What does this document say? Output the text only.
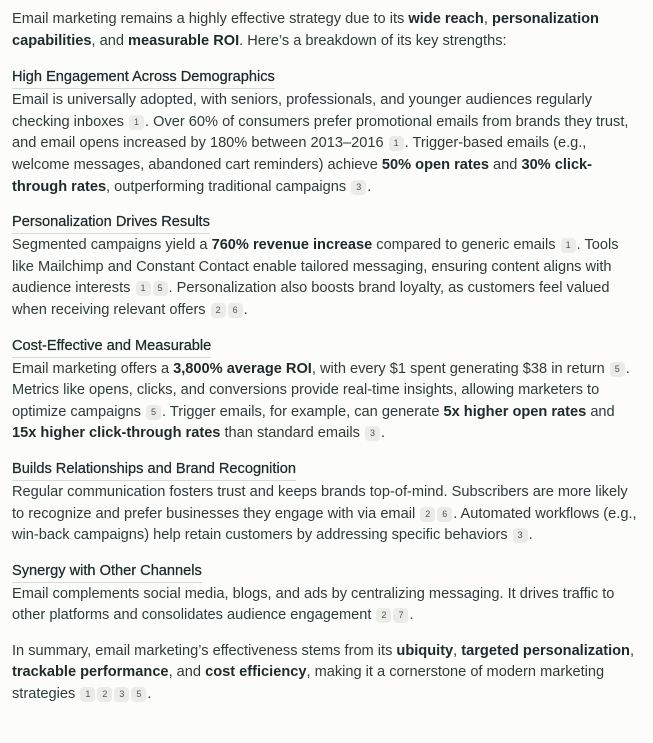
Email marketing remains a highly effective strategy due to its wide reach, personalization capabilities, and measurable ROI. Here’s a breakdown of its key strengths:

High Engagement Across Demographics

Email is universally adopted, with seniors, professionals, and younger audiences regularly checking inboxes 1 . Over 60% of consumers prefer promotional emails from brands they trust, and email opens increased by 180% between 2013–2016 1 . Trigger-based emails (e.g., welcome messages, abandoned cart reminders) achieve 50% open rates and 30% click-through rates, outperforming traditional campaigns 3 .

Personalization Drives Results

Segmented campaigns yield a 760% revenue increase compared to generic emails 1 . Tools like Mailchimp and Constant Contact enable tailored messaging, ensuring content aligns with audience interests 1 5 . Personalization also boosts brand loyalty, as customers feel valued when receiving relevant offers 2 6 .

Cost-Effective and Measurable

Email marketing offers a 3,800% average ROI, with every $1 spent generating $38 in return 5 . Metrics like opens, clicks, and conversions provide real-time insights, allowing marketers to optimize campaigns 5 . Trigger emails, for example, can generate 5x higher open rates and 15x higher click-through rates than standard emails 3 .

Builds Relationships and Brand Recognition

Regular communication fosters trust and keeps brands top-of-mind. Subscribers are more likely to recognize and prefer businesses they engage with via email 2 6 . Automated workflows (e.g., win-back campaigns) help retain customers by addressing specific behaviors 3 .

Synergy with Other Channels

Email complements social media, blogs, and ads by centralizing messaging. It drives traffic to other platforms and consolidates audience engagement 2 7 .

In summary, email marketing’s effectiveness stems from its ubiquity, targeted personalization, trackable performance, and cost efficiency, making it a cornerstone of modern marketing strategies 1 2 3 5 .
